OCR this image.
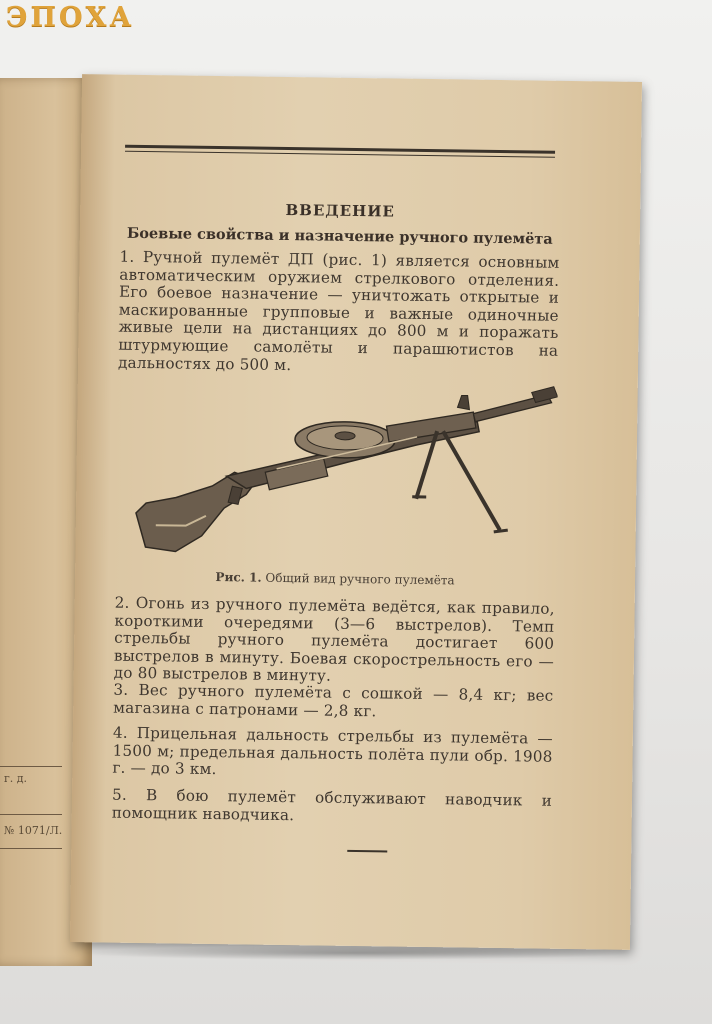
ЭПОХА
г. д.
№ 1071/Л.
ВВЕДЕНИЕ
Боевые свойства и назначение ручного пулемёта
1. Ручной пулемёт ДП (рис. 1) является основным автоматическим оружием стрелкового отделения. Его боевое назначение — уничтожать открытые и маскированные групповые и важные одиночные живые цели на дистанциях до 800 м и поражать штурмующие самолёты и парашютистов на дальностях до 500 м.
Рис. 1. Общий вид ручного пулемёта
2. Огонь из ручного пулемёта ведётся, как правило, короткими очередями (3—6 выстрелов). Темп стрельбы ручного пулемёта достигает 600 выстрелов в минуту. Боевая скорострельность его — до 80 выстрелов в минуту.
3. Вес ручного пулемёта с сошкой — 8,4 кг; вес магазина с патронами — 2,8 кг.
4. Прицельная дальность стрельбы из пулемёта — 1500 м; предельная дальность полёта пули обр. 1908 г. — до 3 км.
5. В бою пулемёт обслуживают наводчик и помощник наводчика.
